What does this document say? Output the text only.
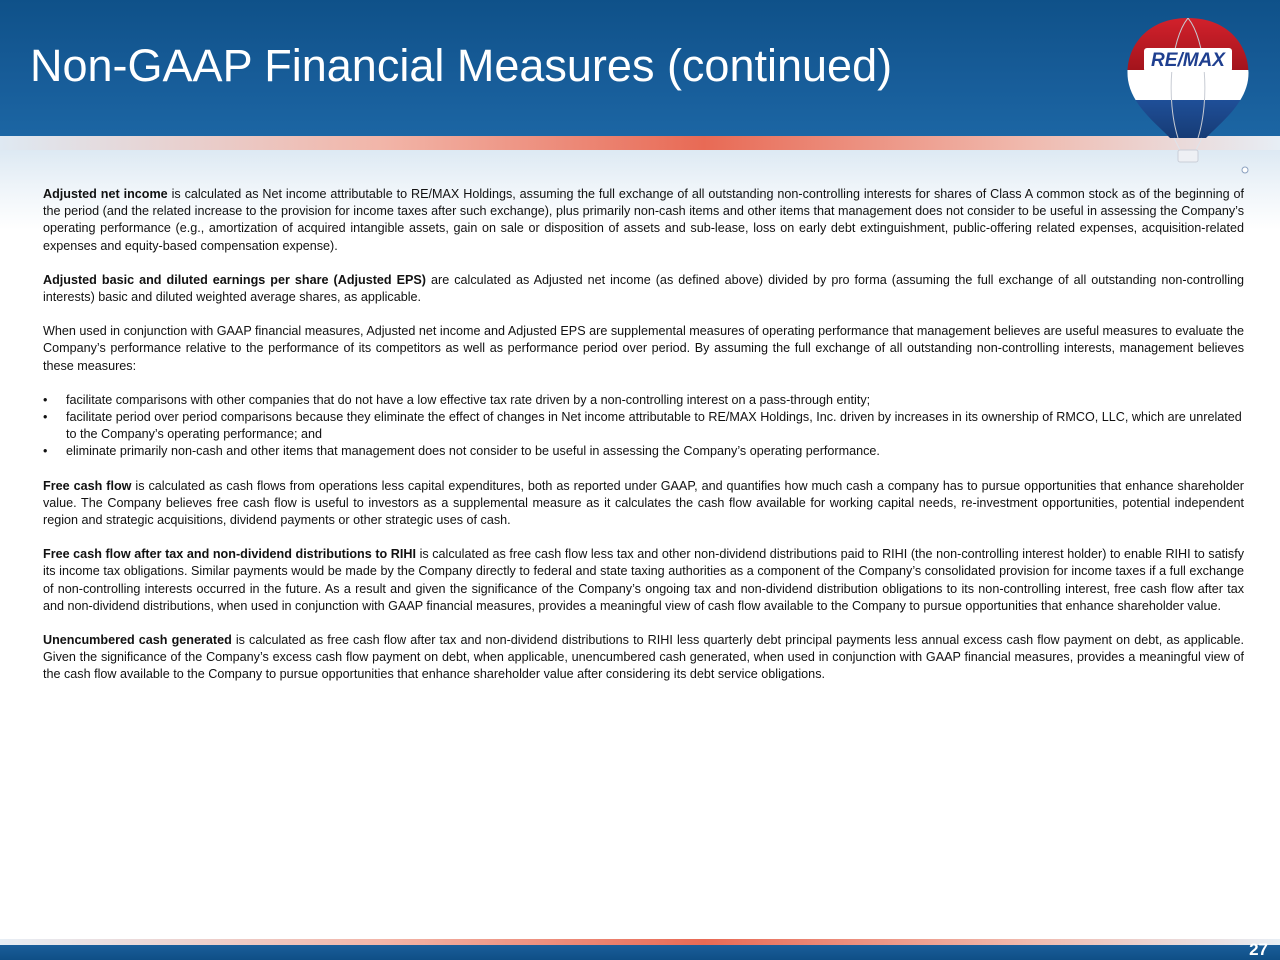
Non-GAAP Financial Measures (continued)	RE/MAX

Adjusted net income is calculated as Net income attributable to RE/MAX Holdings, assuming the full exchange of all outstanding non-controlling interests for shares of Class A common stock as of the beginning of the period (and the related increase to the provision for income taxes after such exchange), plus primarily non-cash items and other items that management does not consider to be useful in assessing the Company’s operating performance (e.g., amortization of acquired intangible assets, gain on sale or disposition of assets and sub-lease, loss on early debt extinguishment, public-offering related expenses, acquisition-related expenses and equity-based compensation expense).

Adjusted basic and diluted earnings per share (Adjusted EPS) are calculated as Adjusted net income (as defined above) divided by pro forma (assuming the full exchange of all outstanding non-controlling interests) basic and diluted weighted average shares, as applicable.

When used in conjunction with GAAP financial measures, Adjusted net income and Adjusted EPS are supplemental measures of operating performance that management believes are useful measures to evaluate the Company’s performance relative to the performance of its competitors as well as performance period over period. By assuming the full exchange of all outstanding non-controlling interests, management believes these measures:

• facilitate comparisons with other companies that do not have a low effective tax rate driven by a non-controlling interest on a pass-through entity;
• facilitate period over period comparisons because they eliminate the effect of changes in Net income attributable to RE/MAX Holdings, Inc. driven by increases in its ownership of RMCO, LLC, which are unrelated to the Company’s operating performance; and
• eliminate primarily non-cash and other items that management does not consider to be useful in assessing the Company’s operating performance.

Free cash flow is calculated as cash flows from operations less capital expenditures, both as reported under GAAP, and quantifies how much cash a company has to pursue opportunities that enhance shareholder value. The Company believes free cash flow is useful to investors as a supplemental measure as it calculates the cash flow available for working capital needs, re-investment opportunities, potential independent region and strategic acquisitions, dividend payments or other strategic uses of cash.

Free cash flow after tax and non-dividend distributions to RIHI is calculated as free cash flow less tax and other non-dividend distributions paid to RIHI (the non-controlling interest holder) to enable RIHI to satisfy its income tax obligations. Similar payments would be made by the Company directly to federal and state taxing authorities as a component of the Company’s consolidated provision for income taxes if a full exchange of non-controlling interests occurred in the future. As a result and given the significance of the Company’s ongoing tax and non-dividend distribution obligations to its non-controlling interest, free cash flow after tax and non-dividend distributions, when used in conjunction with GAAP financial measures, provides a meaningful view of cash flow available to the Company to pursue opportunities that enhance shareholder value.

Unencumbered cash generated is calculated as free cash flow after tax and non-dividend distributions to RIHI less quarterly debt principal payments less annual excess cash flow payment on debt, as applicable. Given the significance of the Company’s excess cash flow payment on debt, when applicable, unencumbered cash generated, when used in conjunction with GAAP financial measures, provides a meaningful view of the cash flow available to the Company to pursue opportunities that enhance shareholder value after considering its debt service obligations.

27
